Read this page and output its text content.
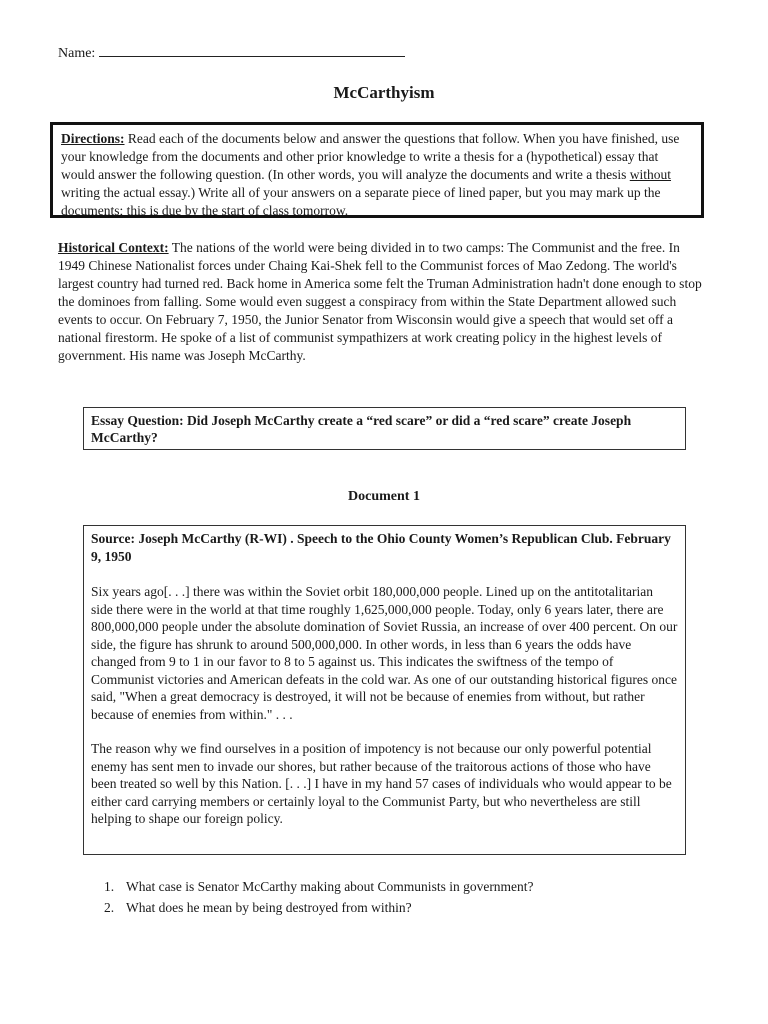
Name:
McCarthyism
Directions: Read each of the documents below and answer the questions that follow. When you have finished, use your knowledge from the documents and other prior knowledge to write a thesis for a (hypothetical) essay that would answer the following question. (In other words, you will analyze the documents and write a thesis without writing the actual essay.) Write all of your answers on a separate piece of lined paper, but you may mark up the documents; this is due by the start of class tomorrow.
Historical Context: The nations of the world were being divided in to two camps: The Communist and the free. In 1949 Chinese Nationalist forces under Chaing Kai-Shek fell to the Communist forces of Mao Zedong. The world's largest country had turned red. Back home in America some felt the Truman Administration hadn't done enough to stop the dominoes from falling. Some would even suggest a conspiracy from within the State Department allowed such events to occur. On February 7, 1950, the Junior Senator from Wisconsin would give a speech that would set off a national firestorm. He spoke of a list of communist sympathizers at work creating policy in the highest levels of government. His name was Joseph McCarthy.
Essay Question: Did Joseph McCarthy create a “red scare” or did a “red scare” create Joseph McCarthy?
Document 1

Source: Joseph McCarthy (R-WI) . Speech to the Ohio County Women’s Republican Club. February 9, 1950

Six years ago[. . .] there was within the Soviet orbit 180,000,000 people. Lined up on the antitotalitarian side there were in the world at that time roughly 1,625,000,000 people. Today, only 6 years later, there are 800,000,000 people under the absolute domination of Soviet Russia, an increase of over 400 percent. On our side, the figure has shrunk to around 500,000,000. In other words, in less than 6 years the odds have changed from 9 to 1 in our favor to 8 to 5 against us. This indicates the swiftness of the tempo of Communist victories and American defeats in the cold war. As one of our outstanding historical figures once said, "When a great democracy is destroyed, it will not be because of enemies from without, but rather because of enemies from within." . . .

The reason why we find ourselves in a position of impotency is not because our only powerful potential enemy has sent men to invade our shores, but rather because of the traitorous actions of those who have been treated so well by this Nation. [. . .] I have in my hand 57 cases of individuals who would appear to be either card carrying members or certainly loyal to the Communist Party, but who nevertheless are still helping to shape our foreign policy.

1. What case is Senator McCarthy making about Communists in government?
2. What does he mean by being destroyed from within?
